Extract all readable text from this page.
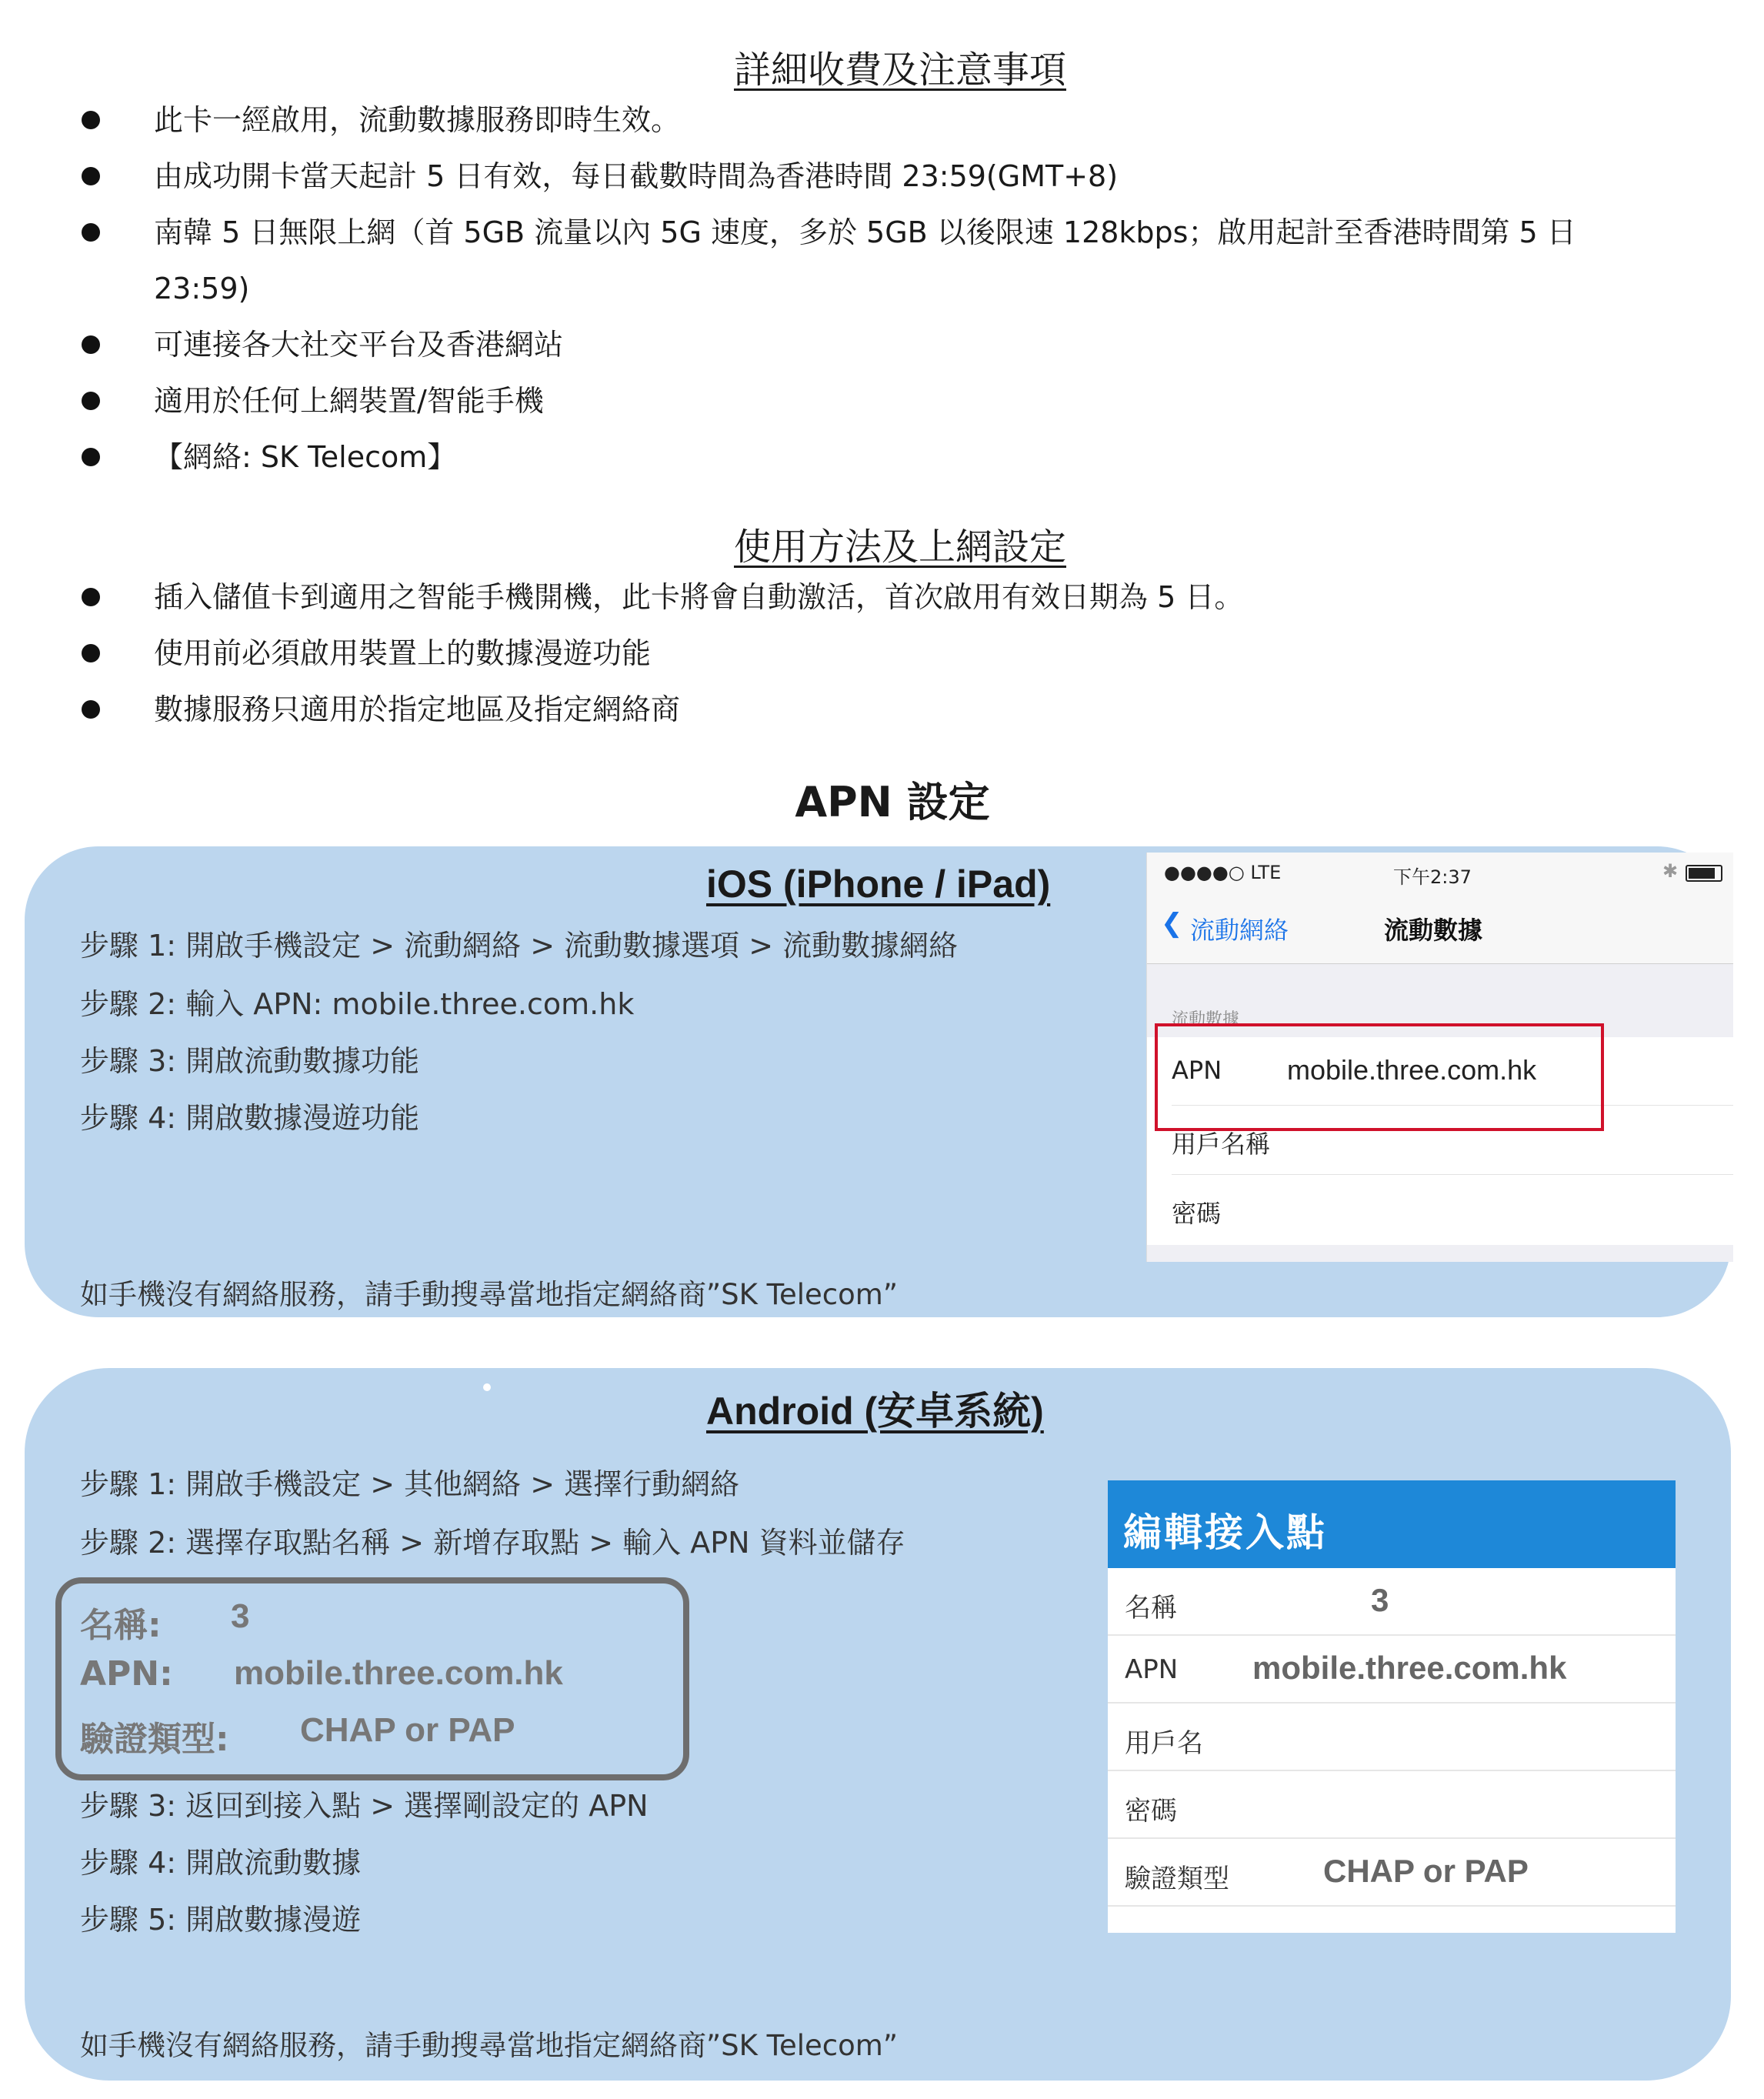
詳細收費及注意事項
此卡一經啟用，流動數據服務即時生效。
由成功開卡當天起計 5 日有效，每日截數時間為香港時間 23:59(GMT+8)
南韓 5 日無限上網（首 5GB 流量以內 5G 速度，多於 5GB 以後限速 128kbps；啟用起計至香港時間第 5 日 23:59)
可連接各大社交平台及香港網站
適用於任何上網裝置/智能手機
【網絡: SK Telecom】
使用方法及上網設定
插入儲值卡到適用之智能手機開機，此卡將會自動激活，首次啟用有效日期為 5 日。
使用前必須啟用裝置上的數據漫遊功能
數據服務只適用於指定地區及指定網絡商
APN 設定
iOS (iPhone / iPad)
步驟 1: 開啟手機設定 > 流動網絡 > 流動數據選項 > 流動數據網絡
步驟 2: 輸入 APN: mobile.three.com.hk
步驟 3: 開啟流動數據功能
步驟 4: 開啟數據漫遊功能
如手機沒有網絡服務，請手動搜尋當地指定網絡商”SK Telecom”
●●●●○ LTE	下午2:37	✱
❮ 流動網絡	流動數據
流動數據
APN mobile.three.com.hk
用戶名稱
密碼
Android (安卓系統)
步驟 1: 開啟手機設定 > 其他網絡 > 選擇行動網絡
步驟 2: 選擇存取點名稱 > 新增存取點 > 輸入 APN 資料並儲存
名稱: 3
APN: mobile.three.com.hk
驗證類型: CHAP or PAP
步驟 3: 返回到接入點 > 選擇剛設定的 APN
步驟 4: 開啟流動數據
步驟 5: 開啟數據漫遊
如手機沒有網絡服務，請手動搜尋當地指定網絡商”SK Telecom”
編輯接入點
名稱	3
APN mobile.three.com.hk
用戶名
密碼
驗證類型	CHAP or PAP
